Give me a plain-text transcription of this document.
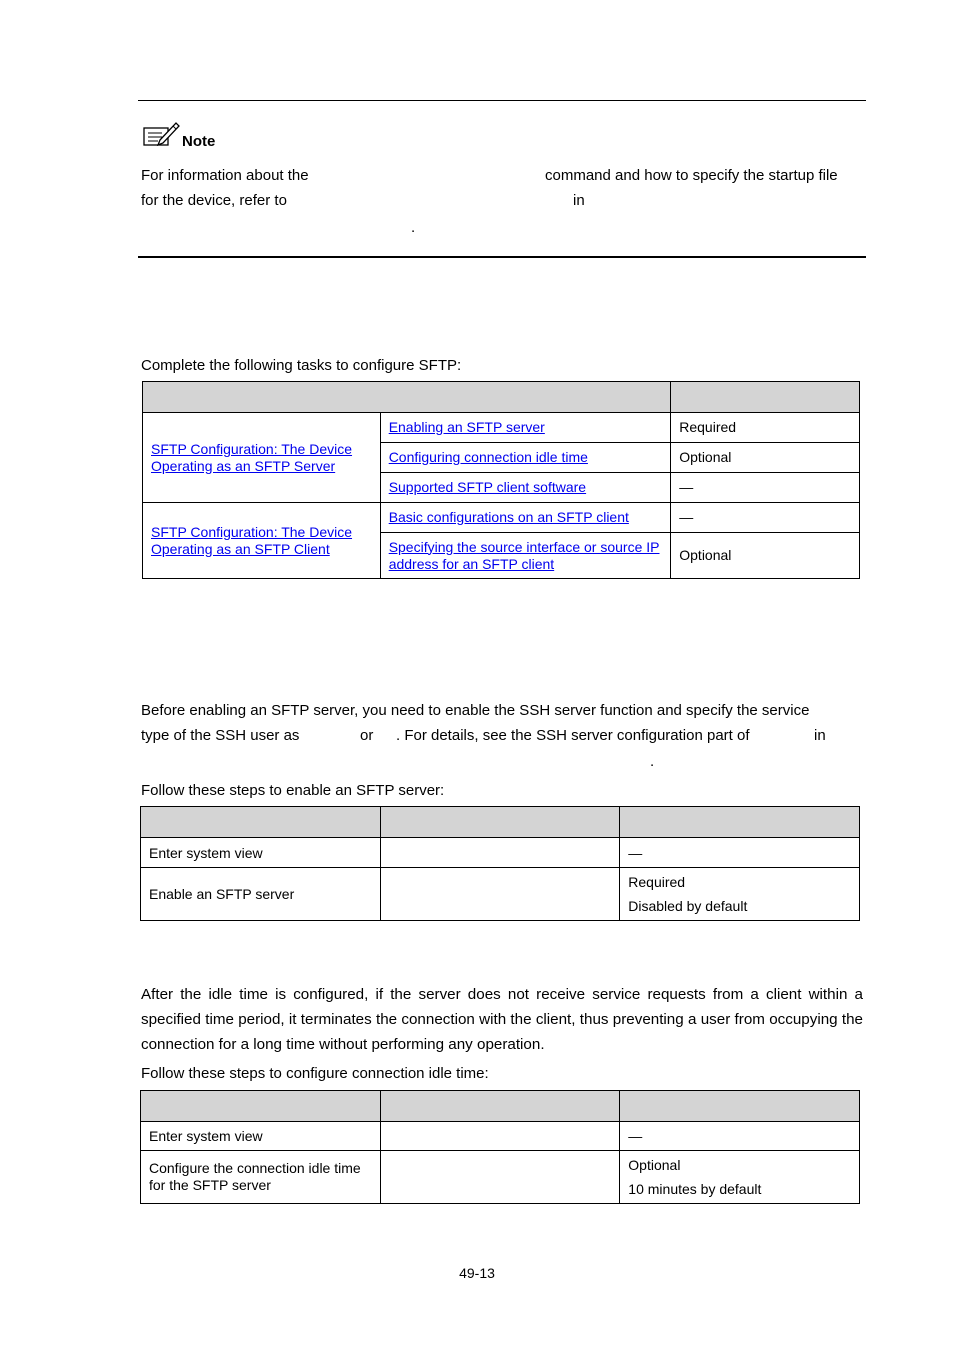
Note
For information about the	command and how to specify the startup file
for the device, refer to	in
.
Complete the following tasks to configure SFTP:

SFTP Configuration: The Device Operating as an SFTP Server	Enabling an SFTP server	Required
	Configuring connection idle time	Optional
	Supported SFTP client software	—
SFTP Configuration: The Device Operating as an SFTP Client	Basic configurations on an SFTP client	—
	Specifying the source interface or source IP address for an SFTP client	Optional
Before enabling an SFTP server, you need to enable the SSH server function and specify the service
type of the SSH user as	or . For details, see the SSH server configuration part of	in
.
Follow these steps to enable an SFTP server:

Enter system view		—
Enable an SFTP server		Required
Disabled by default
After the idle time is configured, if the server does not receive service requests from a client within a specified time period, it terminates the connection with the client, thus preventing a user from occupying the connection for a long time without performing any operation.
Follow these steps to configure connection idle time:

Enter system view		—
Configure the connection idle time for the SFTP server		Optional
10 minutes by default
49-13
